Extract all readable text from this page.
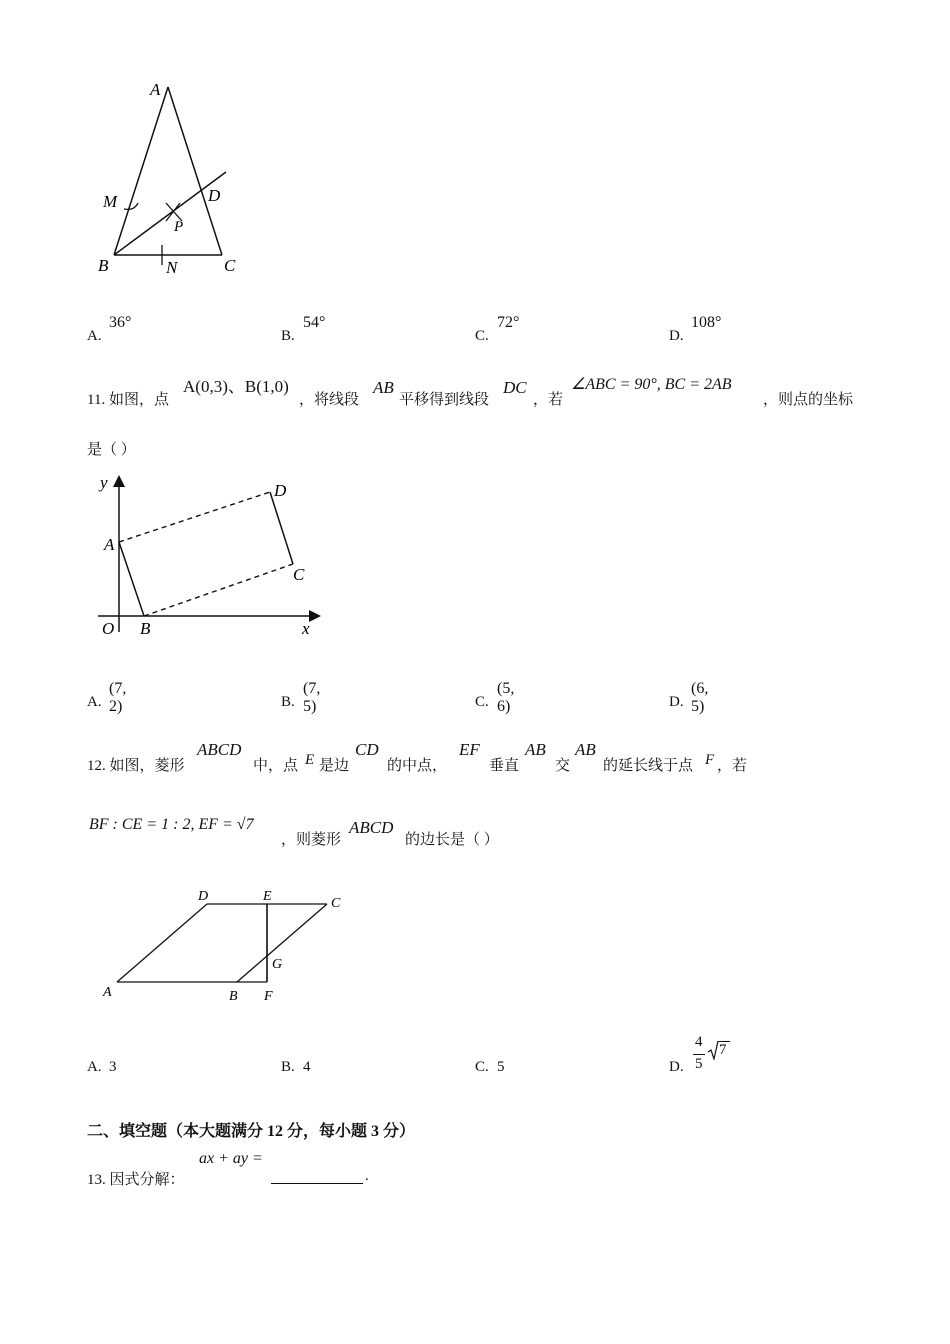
A
M	D
P
B	N	C
A.
36°
B.
54°
C.
72°
D.
108°
11. 如图，点
A(0,3)、B(1,0)
，将线段
AB
平移得到线段
DC
，若
∠ABC = 90°, BC = 2AB
，则点的坐标
是（ ）
y	D
A
C
O B	x
A.
(7, 2)	B.
(7, 5)	C.
(5, 6)	D.
(6, 5)
12. 如图，菱形
ABCD
中，点 E 是边
CD
的中点，
EF
垂直
AB
交
AB
的延长线于点 F ，若
BF : CE = 1 : 2, EF = √7
，则菱形
ABCD
的边长是（ ）
D	E	C
G
A	B F
A. 3	B. 4	C. 5	D.
4
5
7
二、填空题（本大题满分 12 分，每小题 3 分）
13. 因式分解：
ax + ay =
.
